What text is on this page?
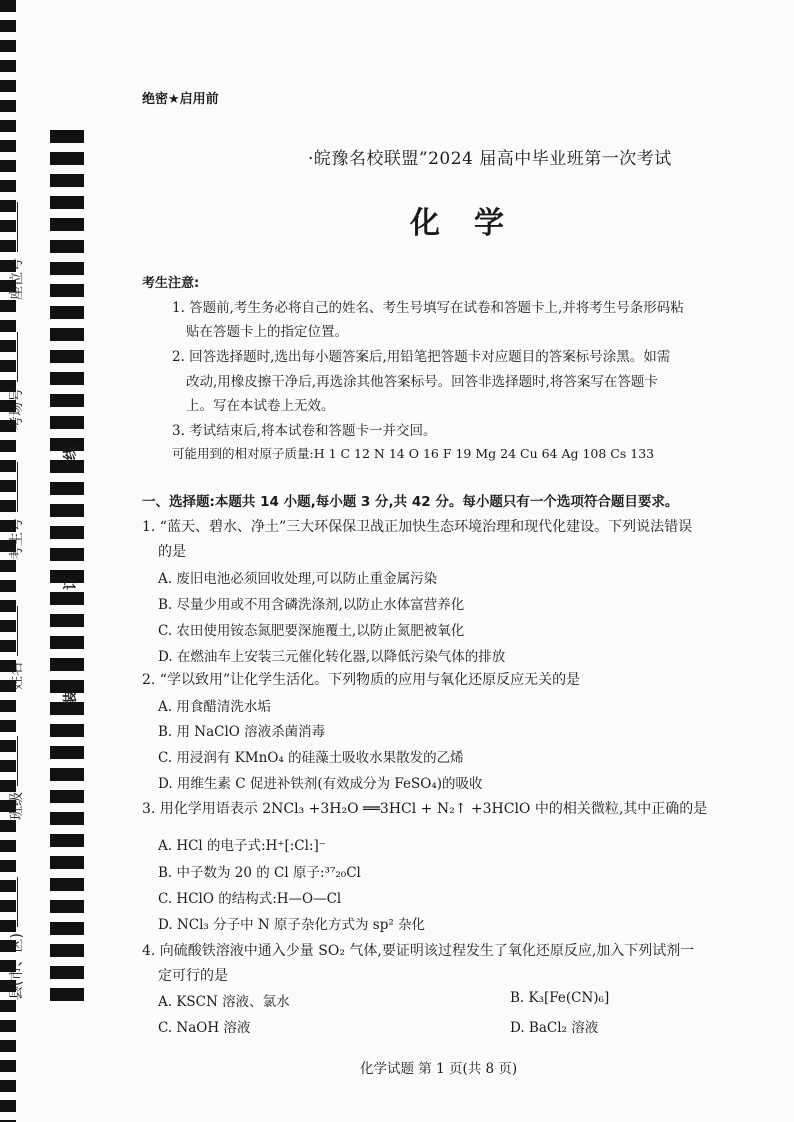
座位号
考场号
考生号
姓名
班级
县(市、区)
线
订
装
绝密★启用前
·皖豫名校联盟”2024 届高中毕业班第一次考试
化学
考生注意:
1. 答题前,考生务必将自己的姓名、考生号填写在试卷和答题卡上,并将考生号条形码粘
贴在答题卡上的指定位置。
2. 回答选择题时,选出每小题答案后,用铅笔把答题卡对应题目的答案标号涂黑。如需
改动,用橡皮擦干净后,再选涂其他答案标号。回答非选择题时,将答案写在答题卡
上。写在本试卷上无效。
3. 考试结束后,将本试卷和答题卡一并交回。
可能用到的相对原子质量:H 1 C 12 N 14 O 16 F 19 Mg 24 Cu 64 Ag 108 Cs 133
一、选择题:本题共 14 小题,每小题 3 分,共 42 分。每小题只有一个选项符合题目要求。
1. “蓝天、碧水、净土”三大环保保卫战正加快生态环境治理和现代化建设。下列说法错误
的是
A. 废旧电池必须回收处理,可以防止重金属污染
B. 尽量少用或不用含磷洗涤剂,以防止水体富营养化
C. 农田使用铵态氮肥要深施覆土,以防止氮肥被氧化
D. 在燃油车上安装三元催化转化器,以降低污染气体的排放
2. “学以致用”让化学生活化。下列物质的应用与氧化还原反应无关的是
A. 用食醋清洗水垢
B. 用 NaClO 溶液杀菌消毒
C. 用浸润有 KMnO₄ 的硅藻土吸收水果散发的乙烯
D. 用维生素 C 促进补铁剂(有效成分为 FeSO₄)的吸收
3. 用化学用语表示 2NCl₃ +3H₂O ══3HCl + N₂↑ +3HClO 中的相关微粒,其中正确的是
A. HCl 的电子式:H⁺[:Cl:]⁻
B. 中子数为 20 的 Cl 原子:³⁷₂₀Cl
C. HClO 的结构式:H—O—Cl
D. NCl₃ 分子中 N 原子杂化方式为 sp² 杂化
4. 向硫酸铁溶液中通入少量 SO₂ 气体,要证明该过程发生了氧化还原反应,加入下列试剂一
定可行的是
A. KSCN 溶液、氯水	B. K₃[Fe(CN)₆]
C. NaOH 溶液	D. BaCl₂ 溶液
化学试题 第 1 页(共 8 页)
